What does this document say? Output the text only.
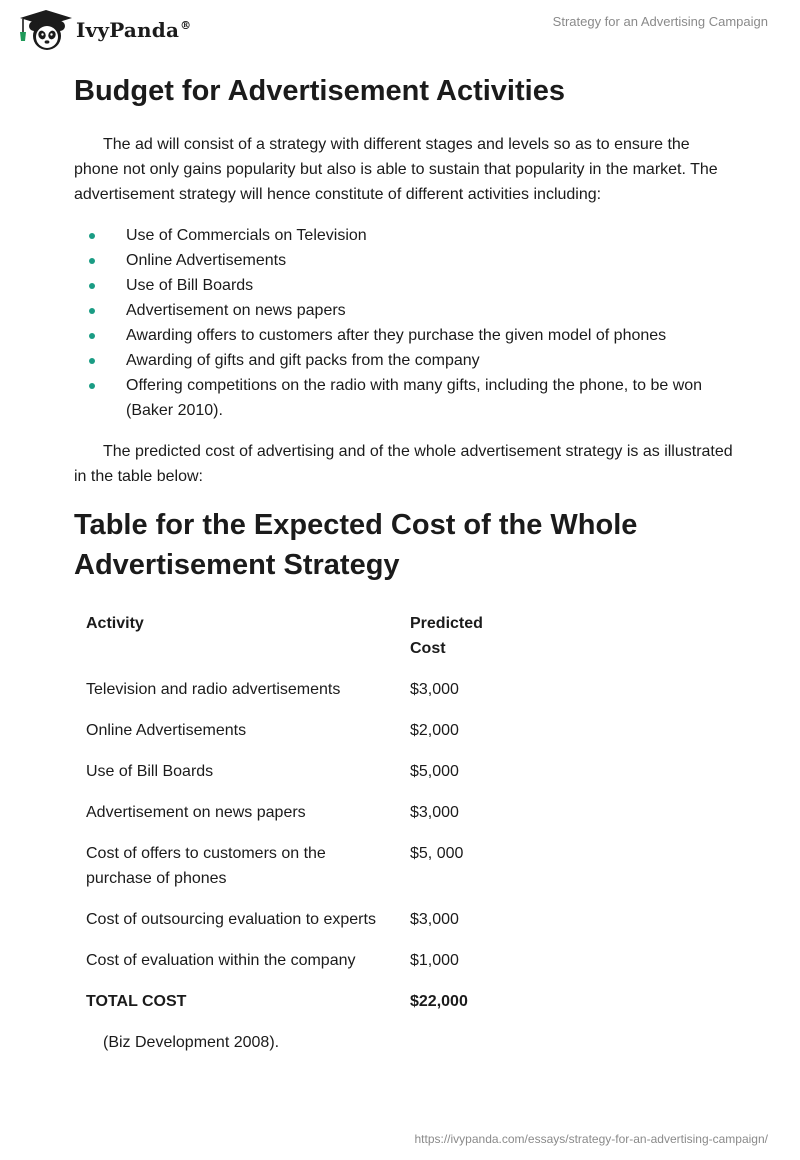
IvyPanda®	Strategy for an Advertising Campaign
Budget for Advertisement Activities

The ad will consist of a strategy with different stages and levels so as to ensure the phone not only gains popularity but also is able to sustain that popularity in the market. The advertisement strategy will hence constitute of different activities including:

Use of Commercials on Television
Online Advertisements
Use of Bill Boards
Advertisement on news papers
Awarding offers to customers after they purchase the given model of phones
Awarding of gifts and gift packs from the company
Offering competitions on the radio with many gifts, including the phone, to be won (Baker 2010).

The predicted cost of advertising and of the whole advertisement strategy is as illustrated in the table below:

Table for the Expected Cost of the Whole Advertisement Strategy
Activity	Predicted Cost
Television and radio advertisements	$3,000
Online Advertisements	$2,000
Use of Bill Boards	$5,000
Advertisement on news papers	$3,000
Cost of offers to customers on the purchase of phones	$5, 000
Cost of outsourcing evaluation to experts	$3,000
Cost of evaluation within the company	$1,000
TOTAL COST	$22,000
(Biz Development 2008).
https://ivypanda.com/essays/strategy-for-an-advertising-campaign/
